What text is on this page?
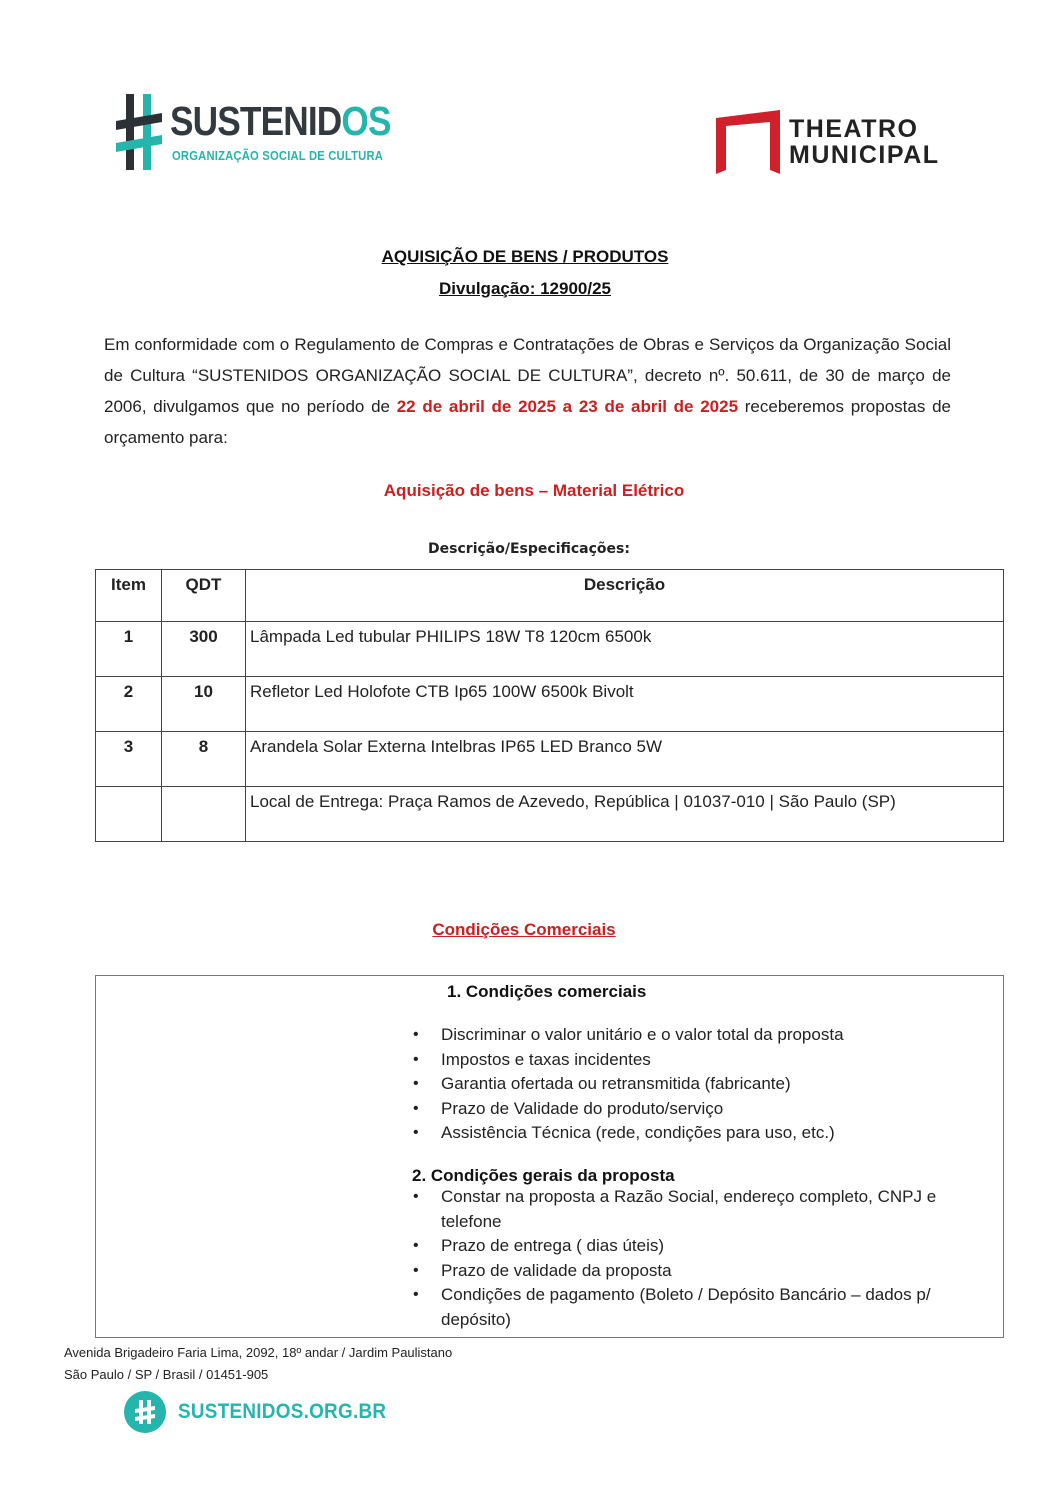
SUSTENIDOS
ORGANIZAÇÃO SOCIAL DE CULTURA
THEATRO
MUNICIPAL
AQUISIÇÃO DE BENS / PRODUTOS
Divulgação: 12900/25

Em conformidade com o Regulamento de Compras e Contratações de Obras e Serviços da Organização Social de Cultura “SUSTENIDOS ORGANIZAÇÃO SOCIAL DE CULTURA”, decreto nº. 50.611, de 30 de março de 2006, divulgamos que no período de 22 de abril de 2025 a 23 de abril de 2025 receberemos propostas de orçamento para:

Aquisição de bens – Material Elétrico
Descrição/Especificações:
Item	QDT	Descrição
1	300	Lâmpada Led tubular PHILIPS 18W T8 120cm 6500k
2	10	Refletor Led Holofote CTB Ip65 100W 6500k Bivolt
3	8	Arandela Solar Externa Intelbras IP65 LED Branco 5W
		Local de Entrega: Praça Ramos de Azevedo, República | 01037-010 | São Paulo (SP)
Condições Comerciais
1. Condições comerciais
• Discriminar o valor unitário e o valor total da proposta
• Impostos e taxas incidentes
• Garantia ofertada ou retransmitida (fabricante)
• Prazo de Validade do produto/serviço
• Assistência Técnica (rede, condições para uso, etc.)
2. Condições gerais da proposta
• Constar na proposta a Razão Social, endereço completo, CNPJ e telefone
• Prazo de entrega ( dias úteis)
• Prazo de validade da proposta
• Condições de pagamento (Boleto / Depósito Bancário – dados p/ depósito)
Avenida Brigadeiro Faria Lima, 2092, 18º andar / Jardim Paulistano
São Paulo / SP / Brasil / 01451-905
SUSTENIDOS.ORG.BR
